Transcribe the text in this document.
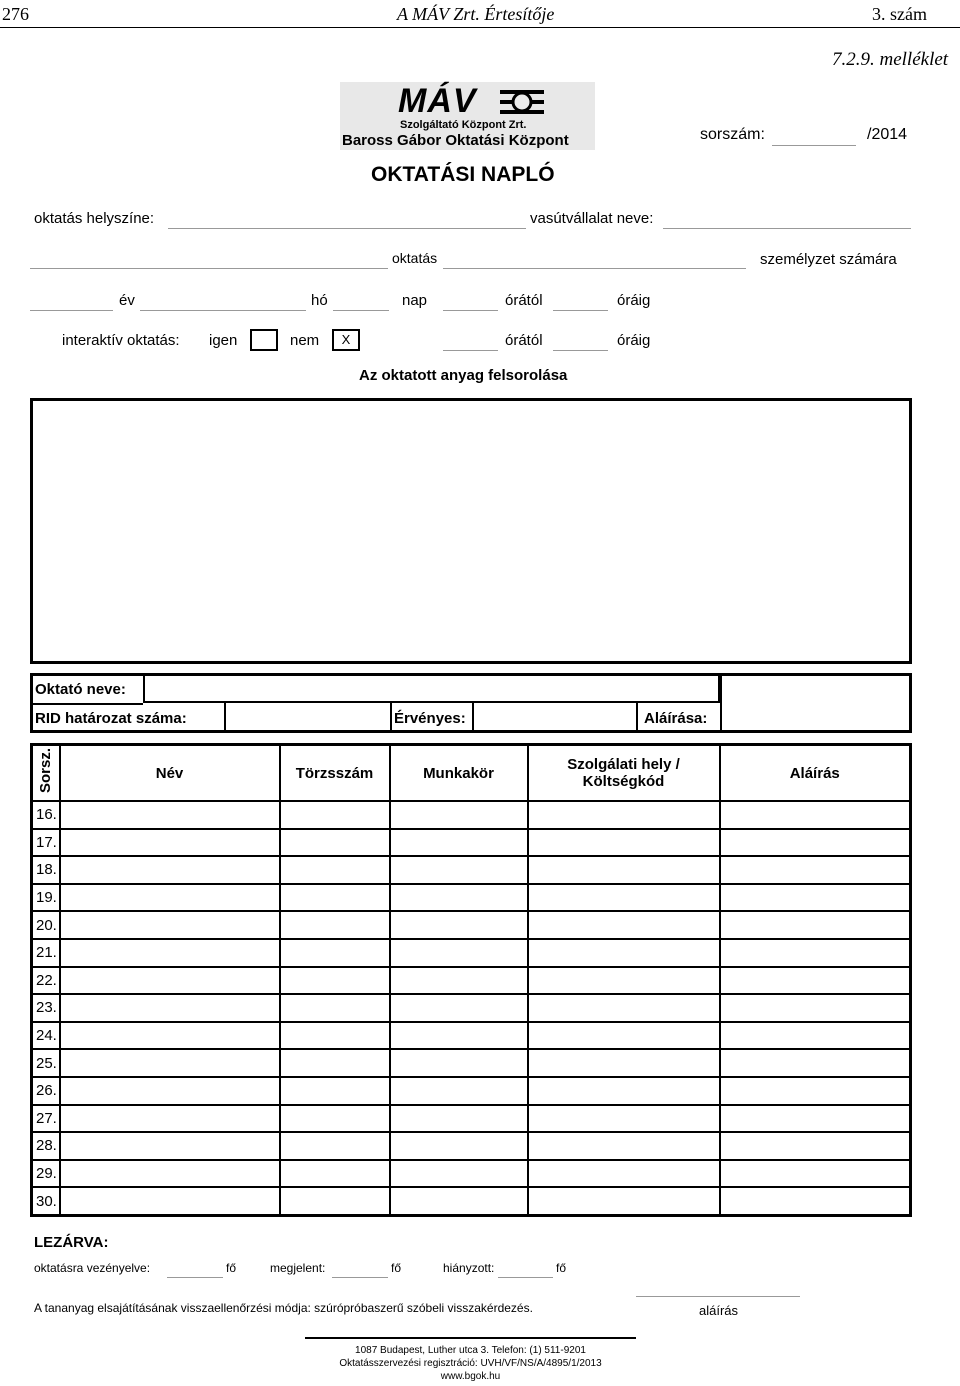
276	A MÁV Zrt. Értesítője	3. szám
7.2.9. melléklet
MÁV
Szolgáltató Központ Zrt.
Baross Gábor Oktatási Központ	sorszám:	/2014
OKTATÁSI NAPLÓ
oktatás helyszíne:	vasútvállalat neve:
oktatás	személyzet számára
év	hó	nap	órától	óráig
interaktív oktatás: igen	nem	X	órától	óráig
Az oktatott anyag felsorolása
Oktató neve:
RID határozat száma:	Érvényes:	Aláírása:
Sorsz.	Név	Törzsszám	Munkakör	Szolgálati hely /
Költségkód	Aláírás
16.					
17.					
18.					
19.					
20.					
21.					
22.					
23.					
24.					
25.					
26.					
27.					
28.					
29.					
30.					
LEZÁRVA:
oktatásra vezényelve:	fő	megjelent:	fő	hiányzott:	fő
A tananyag elsajátításának visszaellenőrzési módja: szúrópróbaszerű szóbeli visszakérdezés.	aláírás
1087 Budapest, Luther utca 3. Telefon: (1) 511-9201
Oktatásszervezési regisztráció: UVH/VF/NS/A/4895/1/2013
www.bgok.hu
